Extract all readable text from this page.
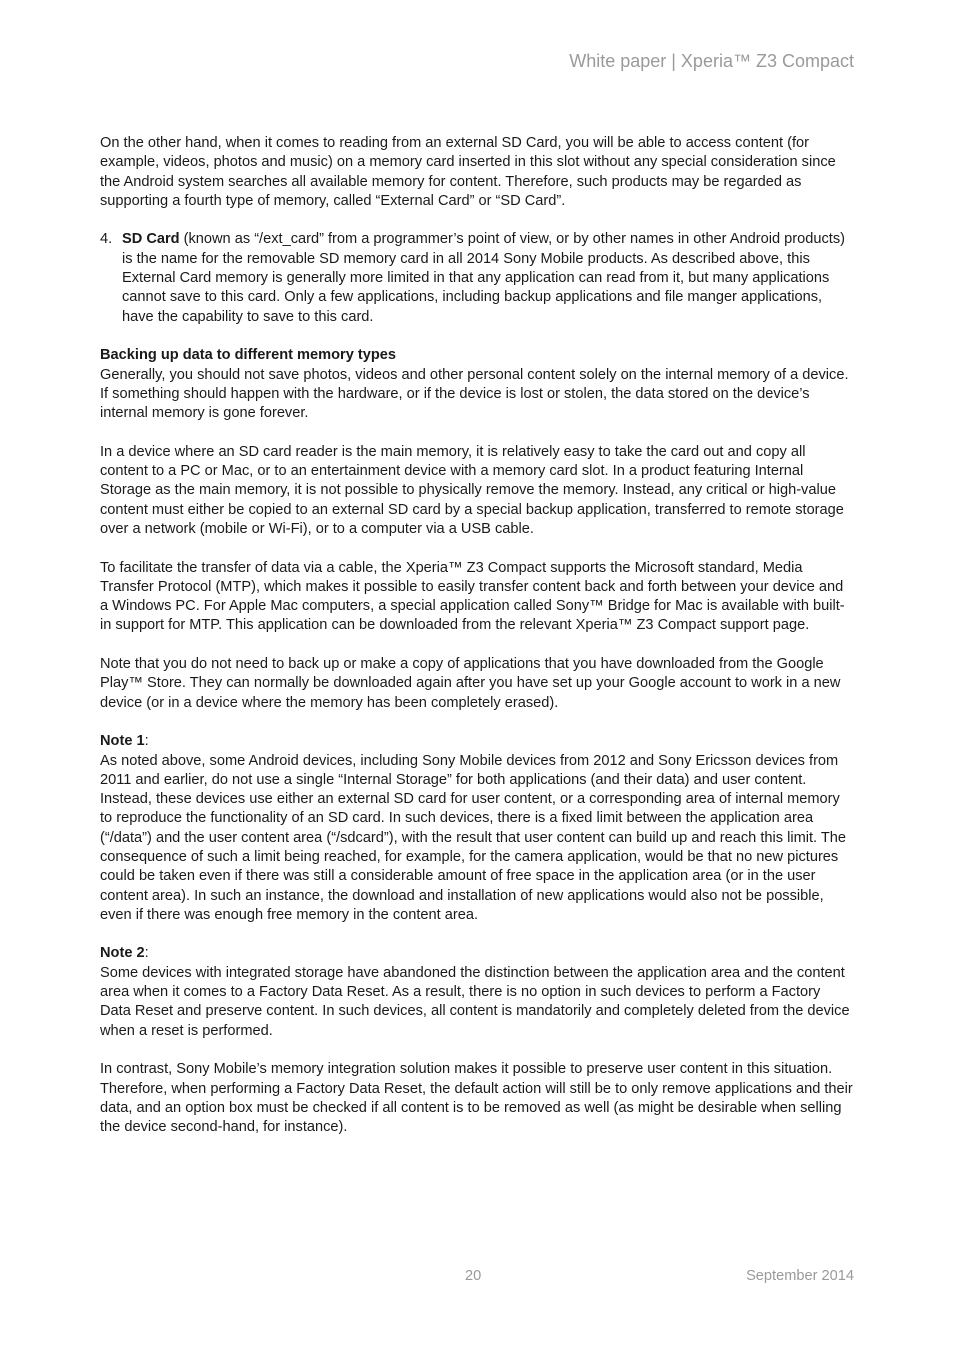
White paper | Xperia™ Z3 Compact

On the other hand, when it comes to reading from an external SD Card, you will be able to access content (for example, videos, photos and music) on a memory card inserted in this slot without any special consideration since the Android system searches all available memory for content. Therefore, such products may be regarded as supporting a fourth type of memory, called “External Card” or “SD Card”.

4. SD Card (known as “/ext_card” from a programmer’s point of view, or by other names in other Android products) is the name for the removable SD memory card in all 2014 Sony Mobile products. As described above, this External Card memory is generally more limited in that any application can read from it, but many applications cannot save to this card. Only a few applications, including backup applications and file manger applications, have the capability to save to this card.
Backing up data to different memory types

Generally, you should not save photos, videos and other personal content solely on the internal memory of a device. If something should happen with the hardware, or if the device is lost or stolen, the data stored on the device’s internal memory is gone forever.

In a device where an SD card reader is the main memory, it is relatively easy to take the card out and copy all content to a PC or Mac, or to an entertainment device with a memory card slot. In a product featuring Internal Storage as the main memory, it is not possible to physically remove the memory. Instead, any critical or high-value content must either be copied to an external SD card by a special backup application, transferred to remote storage over a network (mobile or Wi-Fi), or to a computer via a USB cable.

To facilitate the transfer of data via a cable, the Xperia™ Z3 Compact supports the Microsoft standard, Media Transfer Protocol (MTP), which makes it possible to easily transfer content back and forth between your device and a Windows PC. For Apple Mac computers, a special application called Sony™ Bridge for Mac is available with built-in support for MTP. This application can be downloaded from the relevant Xperia™ Z3 Compact support page.

Note that you do not need to back up or make a copy of applications that you have downloaded from the Google Play™ Store. They can normally be downloaded again after you have set up your Google account to work in a new device (or in a device where the memory has been completely erased).

Note 1:

As noted above, some Android devices, including Sony Mobile devices from 2012 and Sony Ericsson devices from 2011 and earlier, do not use a single “Internal Storage” for both applications (and their data) and user content. Instead, these devices use either an external SD card for user content, or a corresponding area of internal memory to reproduce the functionality of an SD card. In such devices, there is a fixed limit between the application area (“/data”) and the user content area (“/sdcard”), with the result that user content can build up and reach this limit. The consequence of such a limit being reached, for example, for the camera application, would be that no new pictures could be taken even if there was still a considerable amount of free space in the application area (or in the user content area). In such an instance, the download and installation of new applications would also not be possible, even if there was enough free memory in the content area.

Note 2:

Some devices with integrated storage have abandoned the distinction between the application area and the content area when it comes to a Factory Data Reset. As a result, there is no option in such devices to perform a Factory Data Reset and preserve content. In such devices, all content is mandatorily and completely deleted from the device when a reset is performed.

In contrast, Sony Mobile’s memory integration solution makes it possible to preserve user content in this situation. Therefore, when performing a Factory Data Reset, the default action will still be to only remove applications and their data, and an option box must be checked if all content is to be removed as well (as might be desirable when selling the device second-hand, for instance).

20	September 2014
